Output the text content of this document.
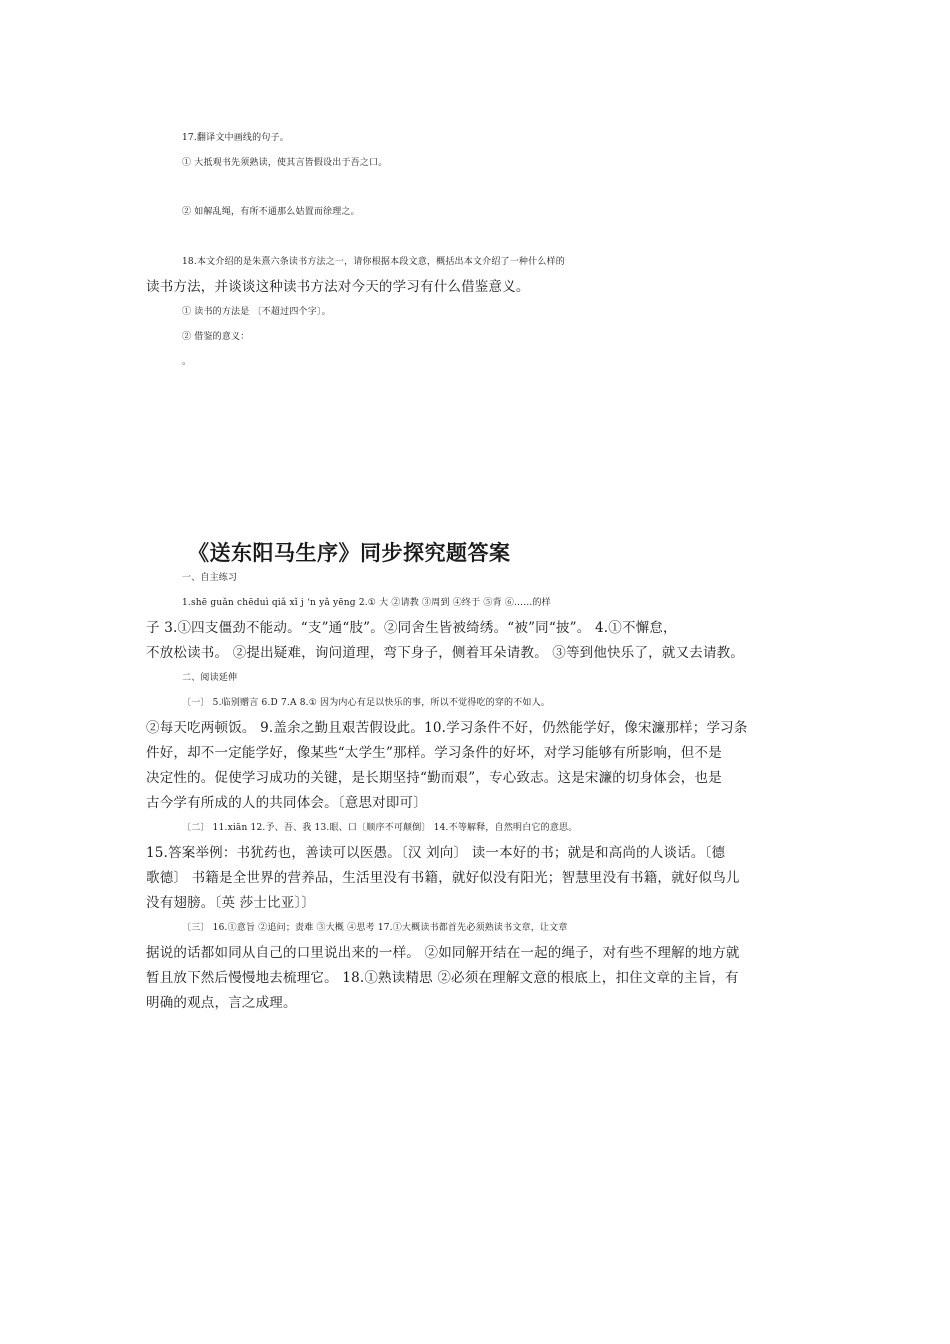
17.翻译文中画线的句子。
① 大抵观书先须熟读，使其言皆假设出于吾之口。
② 如解乱绳，有所不通那么姑置而徐理之。
18.本文介绍的是朱熹六条读书方法之一，请你根据本段文意，概括出本文介绍了一种什么样的
读书方法，并谈谈这种读书方法对今天的学习有什么借鉴意义。
① 读书的方法是 〔不超过四个字〕。
② 借鉴的意义：
。
《送东阳马生序》同步探究题答案
一、自主练习
1.shē guǎn chēduì qiǎ xǐ j ‘n yǎ yēng 2.① 大 ②请教 ③周到 ④终于 ⑤背 ⑥……的样
子 3.①四支僵劲不能动。“支”通“肢”。②同舍生皆被绮绣。“被”同“披”。 4.①不懈怠，
不放松读书。 ②提出疑难，询问道理，弯下身子，侧着耳朵请教。 ③等到他快乐了，就又去请教。
二、阅读延伸
〔一〕 5.临别赠言 6.D 7.A 8.① 因为内心有足以快乐的事，所以不觉得吃的穿的不如人。
②每天吃两顿饭。 9.盖余之勤且艰苦假设此。10.学习条件不好，仍然能学好，像宋濂那样；学习条
件好，却不一定能学好，像某些“太学生”那样。学习条件的好坏，对学习能够有所影响，但不是
决定性的。促使学习成功的关键，是长期坚持“勤而艰”，专心致志。这是宋濂的切身体会，也是
古今学有所成的人的共同体会。〔意思对即可〕
〔二〕 11.xiān 12.予、吾、我 13.眼、口〔顺序不可颠倒〕 14.不等解释，自然明白它的意思。
15.答案举例：书犹药也，善读可以医愚。〔汉 刘向〕 读一本好的书；就是和高尚的人谈话。〔德
歌德〕 书籍是全世界的营养品，生活里没有书籍，就好似没有阳光；智慧里没有书籍，就好似鸟儿
没有翅膀。〔英 莎士比亚〕〕
〔三〕 16.①意旨 ②追问；责难 ③大概 ④思考 17.①大概读书都首先必须熟读书文章，让文章
据说的话都如同从自己的口里说出来的一样。 ②如同解开结在一起的绳子，对有些不理解的地方就
暂且放下然后慢慢地去梳理它。 18.①熟读精思 ②必须在理解文意的根底上，扣住文章的主旨，有
明确的观点，言之成理。
